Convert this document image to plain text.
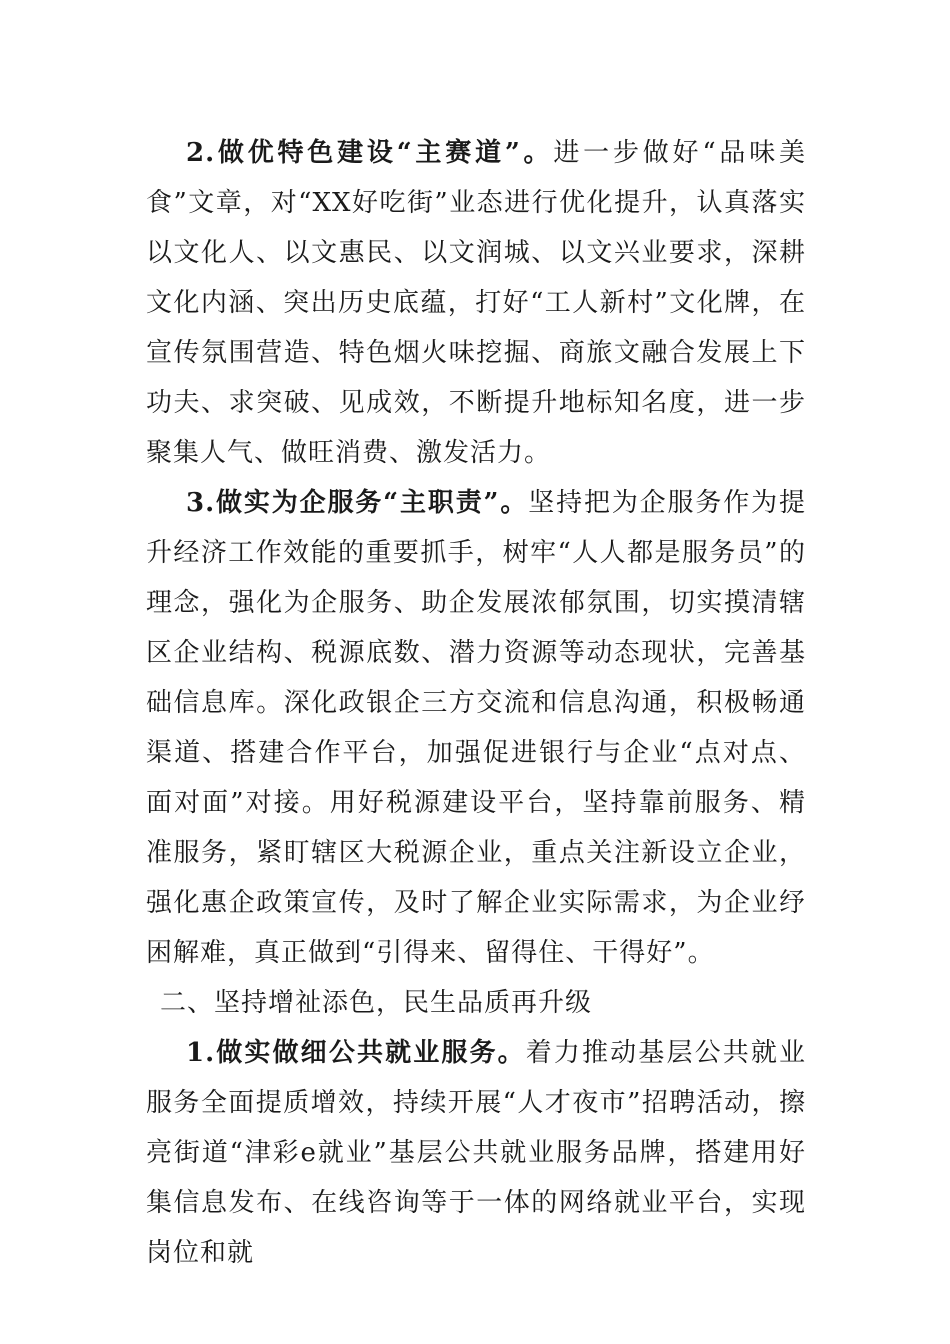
2.做优特色建设“主赛道”。进一步做好“品味美食”文章，对“XX好吃街”业态进行优化提升，认真落实以文化人、以文惠民、以文润城、以文兴业要求，深耕文化内涵、突出历史底蕴，打好“工人新村”文化牌，在宣传氛围营造、特色烟火味挖掘、商旅文融合发展上下功夫、求突破、见成效，不断提升地标知名度，进一步聚集人气、做旺消费、激发活力。

3.做实为企服务“主职责”。坚持把为企服务作为提升经济工作效能的重要抓手，树牢“人人都是服务员”的理念，强化为企服务、助企发展浓郁氛围，切实摸清辖区企业结构、税源底数、潜力资源等动态现状，完善基础信息库。深化政银企三方交流和信息沟通，积极畅通渠道、搭建合作平台，加强促进银行与企业“点对点、面对面”对接。用好税源建设平台，坚持靠前服务、精准服务，紧盯辖区大税源企业，重点关注新设立企业，强化惠企政策宣传，及时了解企业实际需求，为企业纾困解难，真正做到“引得来、留得住、干得好”。

二、坚持增祉添色，民生品质再升级

1.做实做细公共就业服务。着力推动基层公共就业服务全面提质增效，持续开展“人才夜市”招聘活动，擦亮街道“津彩e就业”基层公共就业服务品牌，搭建用好集信息发布、在线咨询等于一体的网络就业平台，实现岗位和就
